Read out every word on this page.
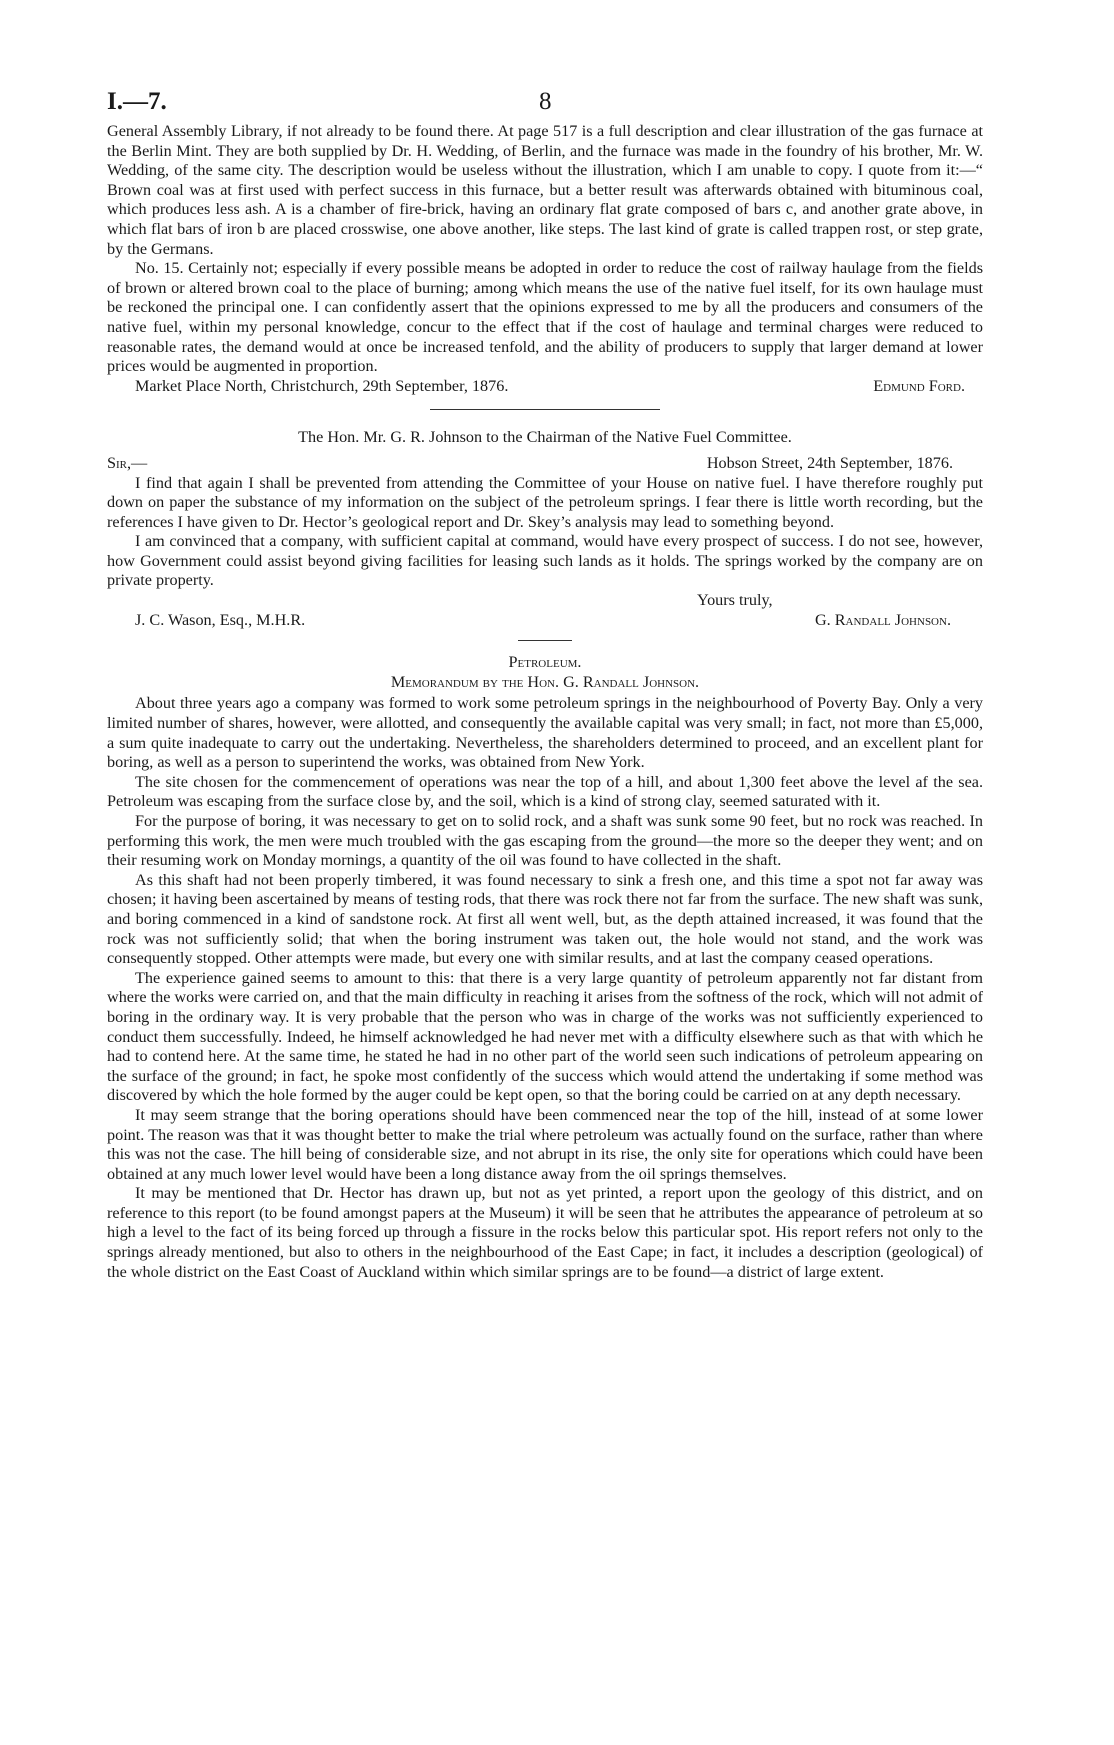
I.—7.	8

General Assembly Library, if not already to be found there. At page 517 is a full description and clear illustration of the gas furnace at the Berlin Mint. They are both supplied by Dr. H. Wedding, of Berlin, and the furnace was made in the foundry of his brother, Mr. W. Wedding, of the same city. The description would be useless without the illustration, which I am unable to copy. I quote from it:—“ Brown coal was at first used with perfect success in this furnace, but a better result was afterwards obtained with bituminous coal, which produces less ash. A is a chamber of fire-brick, having an ordinary flat grate composed of bars c, and another grate above, in which flat bars of iron b are placed crosswise, one above another, like steps. The last kind of grate is called trappen rost, or step grate, by the Germans.

No. 15. Certainly not; especially if every possible means be adopted in order to reduce the cost of railway haulage from the fields of brown or altered brown coal to the place of burning; among which means the use of the native fuel itself, for its own haulage must be reckoned the principal one. I can confidently assert that the opinions expressed to me by all the producers and consumers of the native fuel, within my personal knowledge, concur to the effect that if the cost of haulage and terminal charges were reduced to reasonable rates, the demand would at once be increased tenfold, and the ability of producers to supply that larger demand at lower prices would be augmented in proportion.

Market Place North, Christchurch, 29th September, 1876.	Edmund Ford.
The Hon. Mr. G. R. Johnson to the Chairman of the Native Fuel Committee.
Sir,—	Hobson Street, 24th September, 1876.

I find that again I shall be prevented from attending the Committee of your House on native fuel. I have therefore roughly put down on paper the substance of my information on the subject of the petroleum springs. I fear there is little worth recording, but the references I have given to Dr. Hector’s geological report and Dr. Skey’s analysis may lead to something beyond.

I am convinced that a company, with sufficient capital at command, would have every prospect of success. I do not see, however, how Government could assist beyond giving facilities for leasing such lands as it holds. The springs worked by the company are on private property.

Yours truly,
J. C. Wason, Esq., M.H.R.	G. Randall Johnson.
Petroleum.
Memorandum by the Hon. G. Randall Johnson.

About three years ago a company was formed to work some petroleum springs in the neighbourhood of Poverty Bay. Only a very limited number of shares, however, were allotted, and consequently the available capital was very small; in fact, not more than £5,000, a sum quite inadequate to carry out the undertaking. Nevertheless, the shareholders determined to proceed, and an excellent plant for boring, as well as a person to superintend the works, was obtained from New York.

The site chosen for the commencement of operations was near the top of a hill, and about 1,300 feet above the level af the sea. Petroleum was escaping from the surface close by, and the soil, which is a kind of strong clay, seemed saturated with it.

For the purpose of boring, it was necessary to get on to solid rock, and a shaft was sunk some 90 feet, but no rock was reached. In performing this work, the men were much troubled with the gas escaping from the ground—the more so the deeper they went; and on their resuming work on Monday mornings, a quantity of the oil was found to have collected in the shaft.

As this shaft had not been properly timbered, it was found necessary to sink a fresh one, and this time a spot not far away was chosen; it having been ascertained by means of testing rods, that there was rock there not far from the surface. The new shaft was sunk, and boring commenced in a kind of sandstone rock. At first all went well, but, as the depth attained increased, it was found that the rock was not sufficiently solid; that when the boring instrument was taken out, the hole would not stand, and the work was consequently stopped. Other attempts were made, but every one with similar results, and at last the company ceased operations.

The experience gained seems to amount to this: that there is a very large quantity of petroleum apparently not far distant from where the works were carried on, and that the main difficulty in reaching it arises from the softness of the rock, which will not admit of boring in the ordinary way. It is very probable that the person who was in charge of the works was not sufficiently experienced to conduct them successfully. Indeed, he himself acknowledged he had never met with a difficulty elsewhere such as that with which he had to contend here. At the same time, he stated he had in no other part of the world seen such indications of petroleum appearing on the surface of the ground; in fact, he spoke most confidently of the success which would attend the undertaking if some method was discovered by which the hole formed by the auger could be kept open, so that the boring could be carried on at any depth necessary.

It may seem strange that the boring operations should have been commenced near the top of the hill, instead of at some lower point. The reason was that it was thought better to make the trial where petroleum was actually found on the surface, rather than where this was not the case. The hill being of considerable size, and not abrupt in its rise, the only site for operations which could have been obtained at any much lower level would have been a long distance away from the oil springs themselves.

It may be mentioned that Dr. Hector has drawn up, but not as yet printed, a report upon the geology of this district, and on reference to this report (to be found amongst papers at the Museum) it will be seen that he attributes the appearance of petroleum at so high a level to the fact of its being forced up through a fissure in the rocks below this particular spot. His report refers not only to the springs already mentioned, but also to others in the neighbourhood of the East Cape; in fact, it includes a description (geological) of the whole district on the East Coast of Auckland within which similar springs are to be found—a district of large extent.
